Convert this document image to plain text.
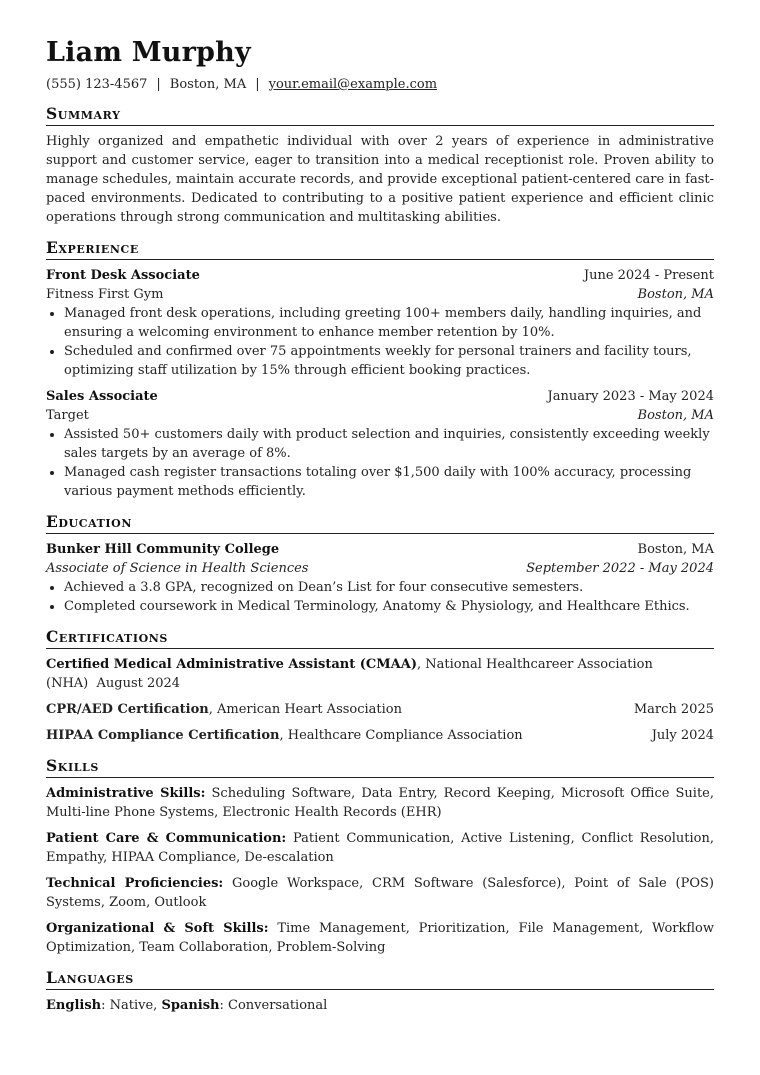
Liam Murphy
(555) 123-4567 | Boston, MA | your.email@example.com
Summary
Highly organized and empathetic individual with over 2 years of experience in administrative support and customer service, eager to transition into a medical receptionist role. Proven ability to manage schedules, maintain accurate records, and provide exceptional patient-centered care in fast-paced environments. Dedicated to contributing to a positive patient experience and efficient clinic operations through strong communication and multitasking abilities.
Experience
Front Desk Associate	June 2024 - Present
Fitness First Gym	Boston, MA
• Managed front desk operations, including greeting 100+ members daily, handling inquiries, and ensuring a welcoming environment to enhance member retention by 10%.
• Scheduled and confirmed over 75 appointments weekly for personal trainers and facility tours, optimizing staff utilization by 15% through efficient booking practices.
Sales Associate	January 2023 - May 2024
Target	Boston, MA
• Assisted 50+ customers daily with product selection and inquiries, consistently exceeding weekly sales targets by an average of 8%.
• Managed cash register transactions totaling over $1,500 daily with 100% accuracy, processing various payment methods efficiently.
Education
Bunker Hill Community College	Boston, MA
Associate of Science in Health Sciences	September 2022 - May 2024
• Achieved a 3.8 GPA, recognized on Dean’s List for four consecutive semesters.
• Completed coursework in Medical Terminology, Anatomy & Physiology, and Healthcare Ethics.
Certifications
Certified Medical Administrative Assistant (CMAA), National Healthcareer Association (NHA) August 2024
CPR/AED Certification, American Heart Association	March 2025
HIPAA Compliance Certification, Healthcare Compliance Association	July 2024
Skills
Administrative Skills: Scheduling Software, Data Entry, Record Keeping, Microsoft Office Suite, Multi-line Phone Systems, Electronic Health Records (EHR)
Patient Care & Communication: Patient Communication, Active Listening, Conflict Resolution, Empathy, HIPAA Compliance, De-escalation
Technical Proficiencies: Google Workspace, CRM Software (Salesforce), Point of Sale (POS) Systems, Zoom, Outlook
Organizational & Soft Skills: Time Management, Prioritization, File Management, Workflow Optimization, Team Collaboration, Problem-Solving
Languages
English: Native, Spanish: Conversational
